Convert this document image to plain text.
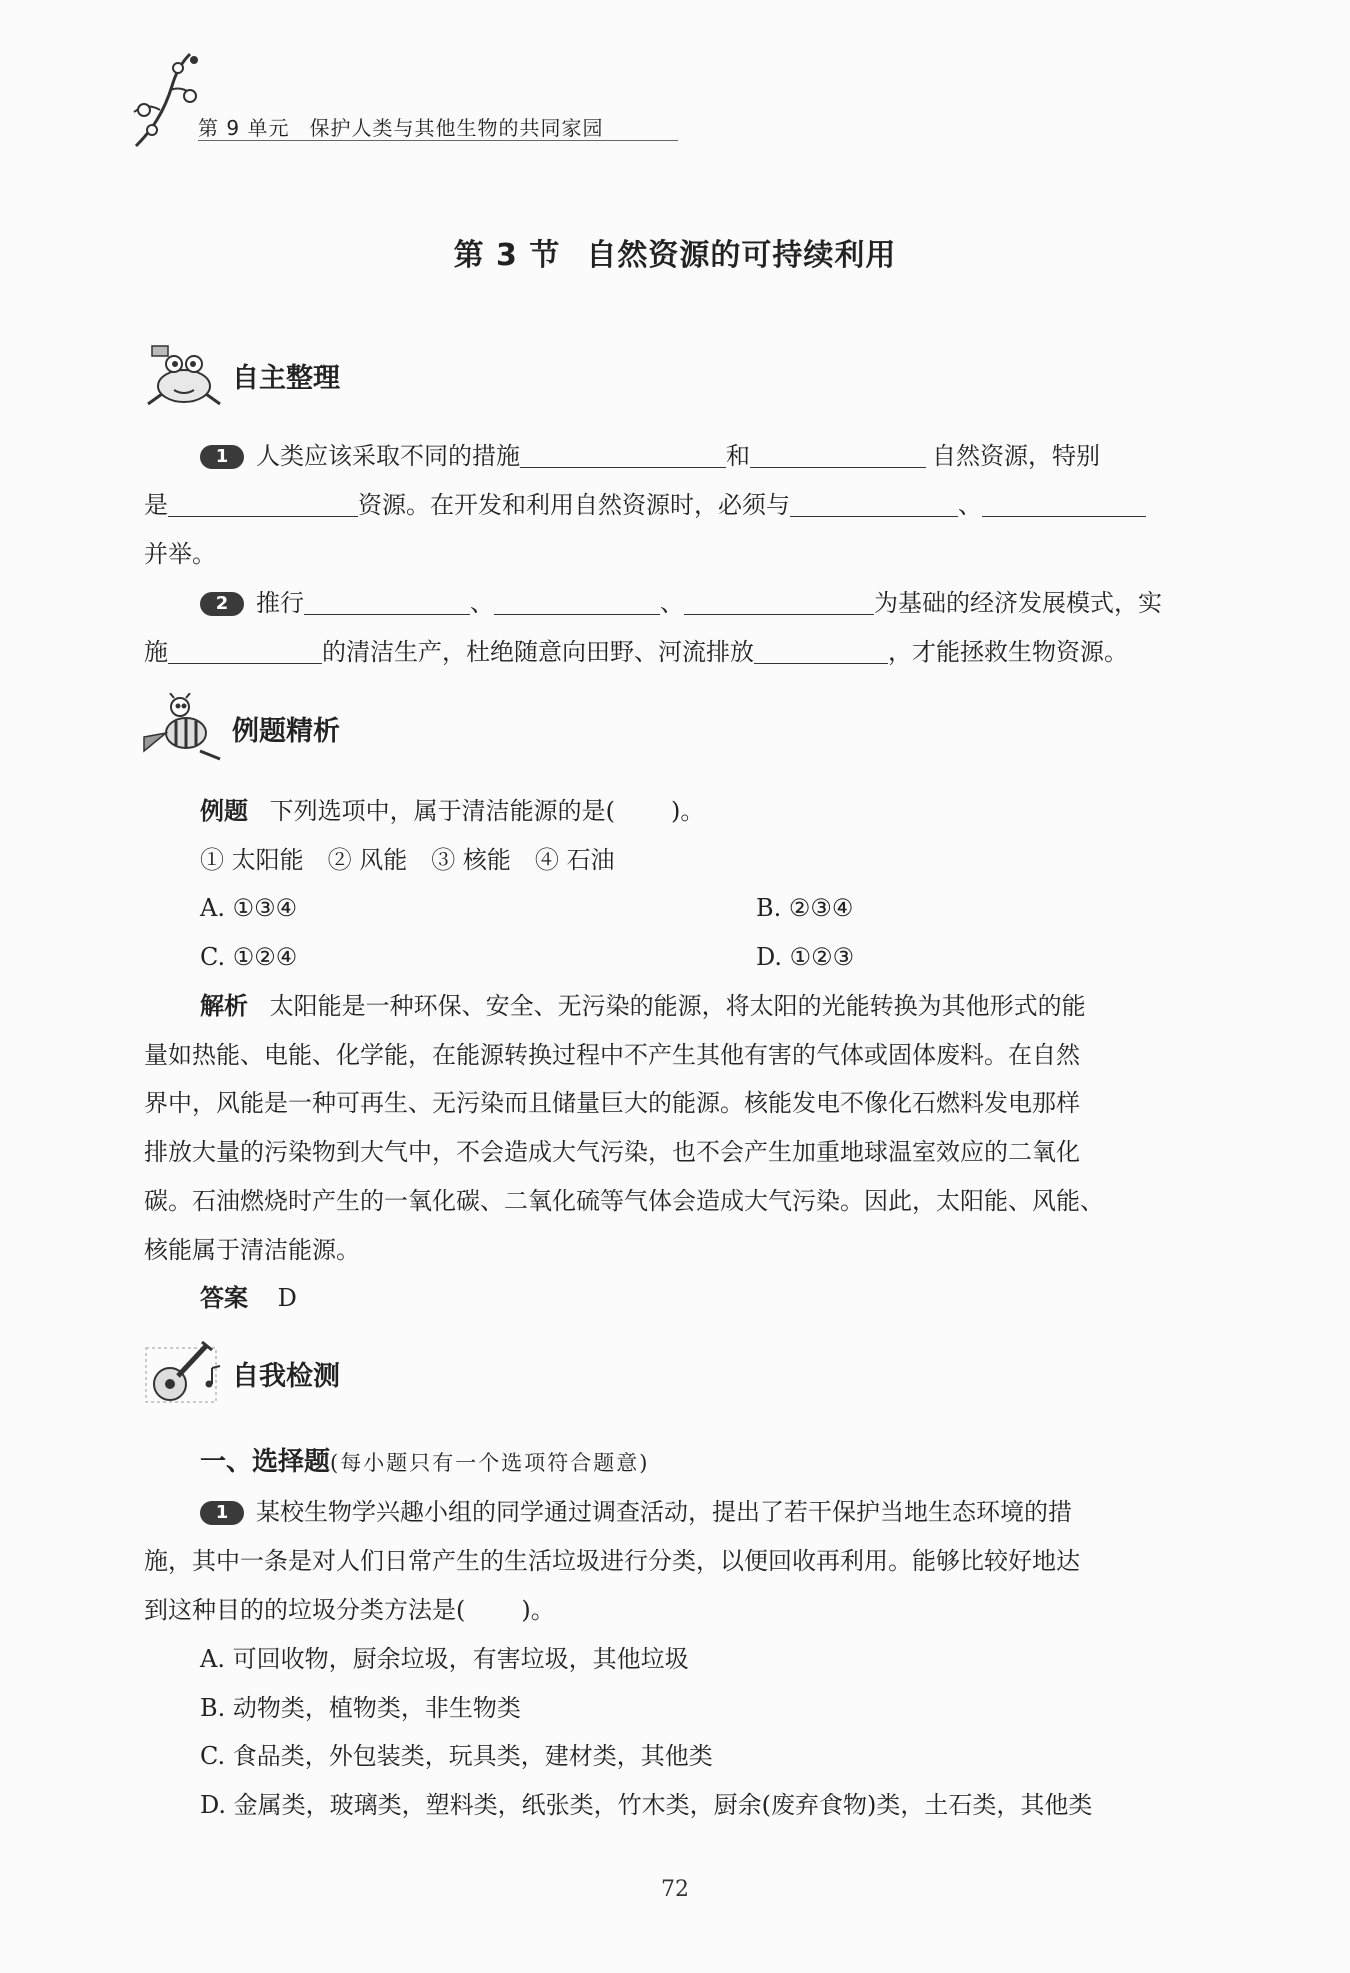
第 9 单元 保护人类与其他生物的共同家园
第 3 节 自然资源的可持续利用
自主整理
1 人类应该采取不同的措施	和	自然资源，特别
是	资源。在开发和利用自然资源时，必须与	、
并举。
2 推行	、	、	为基础的经济发展模式，实
施	的清洁生产，杜绝随意向田野、河流排放	，才能拯救生物资源。
例题精析
例题 下列选项中，属于清洁能源的是( )。
① 太阳能　② 风能　③ 核能　④ 石油
A. ①③④	B. ②③④
C. ①②④	D. ①②③
解析 太阳能是一种环保、安全、无污染的能源，将太阳的光能转换为其他形式的能
量如热能、电能、化学能，在能源转换过程中不产生其他有害的气体或固体废料。在自然
界中，风能是一种可再生、无污染而且储量巨大的能源。核能发电不像化石燃料发电那样
排放大量的污染物到大气中，不会造成大气污染，也不会产生加重地球温室效应的二氧化
碳。石油燃烧时产生的一氧化碳、二氧化硫等气体会造成大气污染。因此，太阳能、风能、
核能属于清洁能源。
答案 D
自我检测
一、选择题(每小题只有一个选项符合题意)
1 某校生物学兴趣小组的同学通过调查活动，提出了若干保护当地生态环境的措
施，其中一条是对人们日常产生的生活垃圾进行分类，以便回收再利用。能够比较好地达
到这种目的的垃圾分类方法是( )。
A. 可回收物，厨余垃圾，有害垃圾，其他垃圾
B. 动物类，植物类，非生物类
C. 食品类，外包装类，玩具类，建材类，其他类
D. 金属类，玻璃类，塑料类，纸张类，竹木类，厨余(废弃食物)类，土石类，其他类
72
